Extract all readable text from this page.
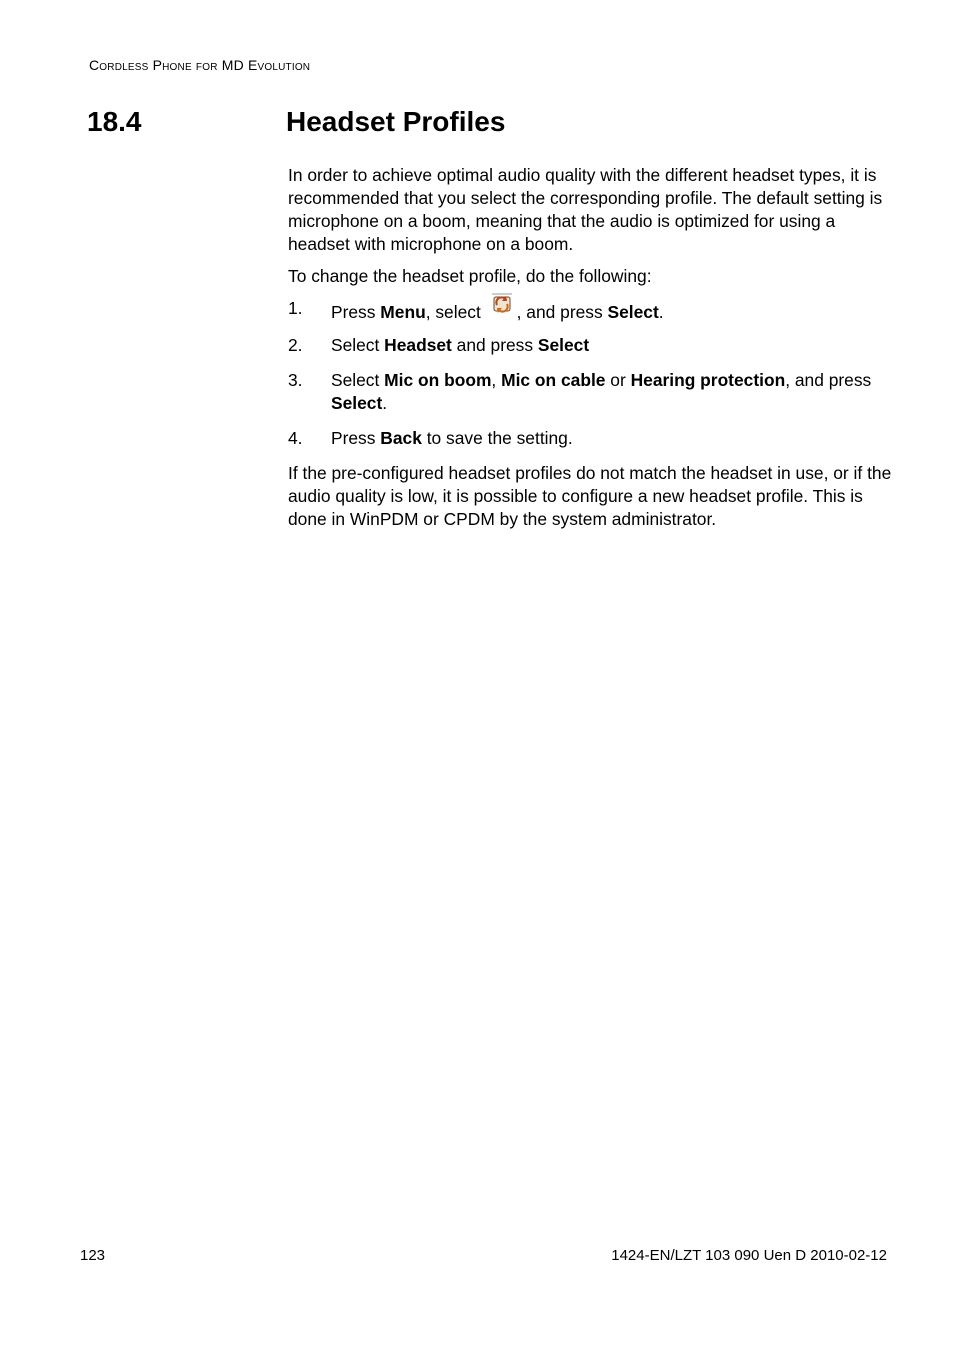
Cordless Phone for MD Evolution
18.4	Headset Profiles

In order to achieve optimal audio quality with the different headset types, it is recommended that you select the corresponding profile. The default setting is microphone on a boom, meaning that the audio is optimized for using a headset with microphone on a boom.

To change the headset profile, do the following:

1. Press Menu, select , and press Select.
2. Select Headset and press Select
3. Select Mic on boom, Mic on cable or Hearing protection, and press Select.
4. Press Back to save the setting.

If the pre-configured headset profiles do not match the headset in use, or if the audio quality is low, it is possible to configure a new headset profile. This is done in WinPDM or CPDM by the system administrator.

123	1424-EN/LZT 103 090 Uen D 2010-02-12
